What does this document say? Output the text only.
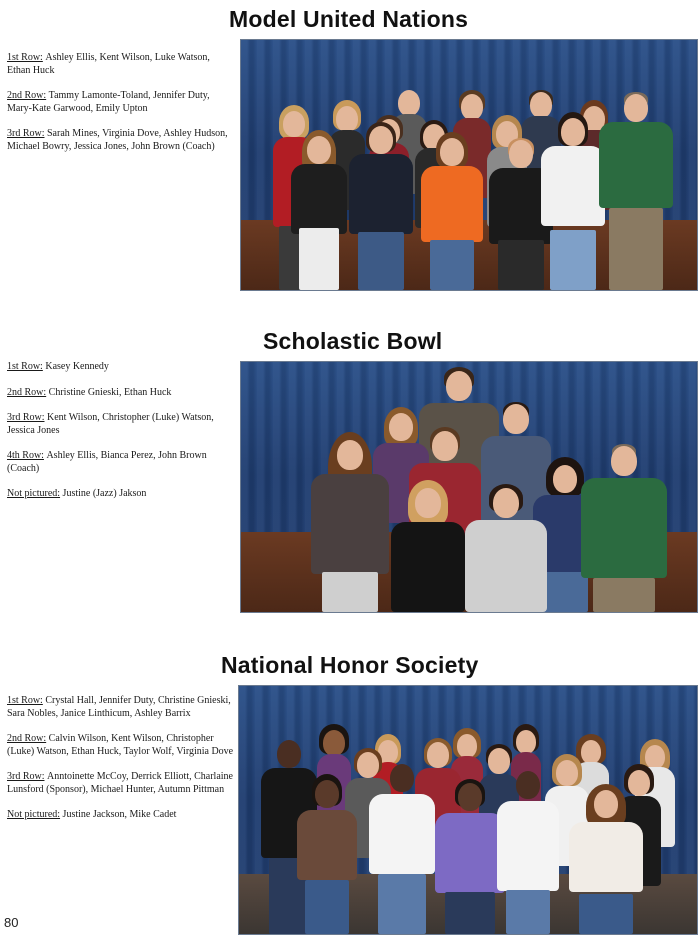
Model United Nations

1st Row: Ashley Ellis, Kent Wilson, Luke Watson, Ethan Huck

2nd Row: Tammy Lamonte-Toland, Jennifer Duty, Mary-Kate Garwood, Emily Upton

3rd Row: Sarah Mines, Virginia Dove, Ashley Hudson, Michael Bowry, Jessica Jones, John Brown (Coach)

Scholastic Bowl

1st Row: Kasey Kennedy

2nd Row: Christine Gnieski, Ethan Huck

3rd Row: Kent Wilson, Christopher (Luke) Watson, Jessica Jones

4th Row: Ashley Ellis, Bianca Perez, John Brown (Coach)

Not pictured: Justine (Jazz) Jakson

National Honor Society

1st Row: Crystal Hall, Jennifer Duty, Christine Gnieski, Sara Nobles, Janice Linthicum, Ashley Barrix

2nd Row: Calvin Wilson, Kent Wilson, Christopher (Luke) Watson, Ethan Huck, Taylor Wolf, Virginia Dove

3rd Row: Anntoinette McCoy, Derrick Elliott, Charlaine Lunsford (Sponsor), Michael Hunter, Autumn Pittman

Not pictured: Justine Jackson, Mike Cadet

80
